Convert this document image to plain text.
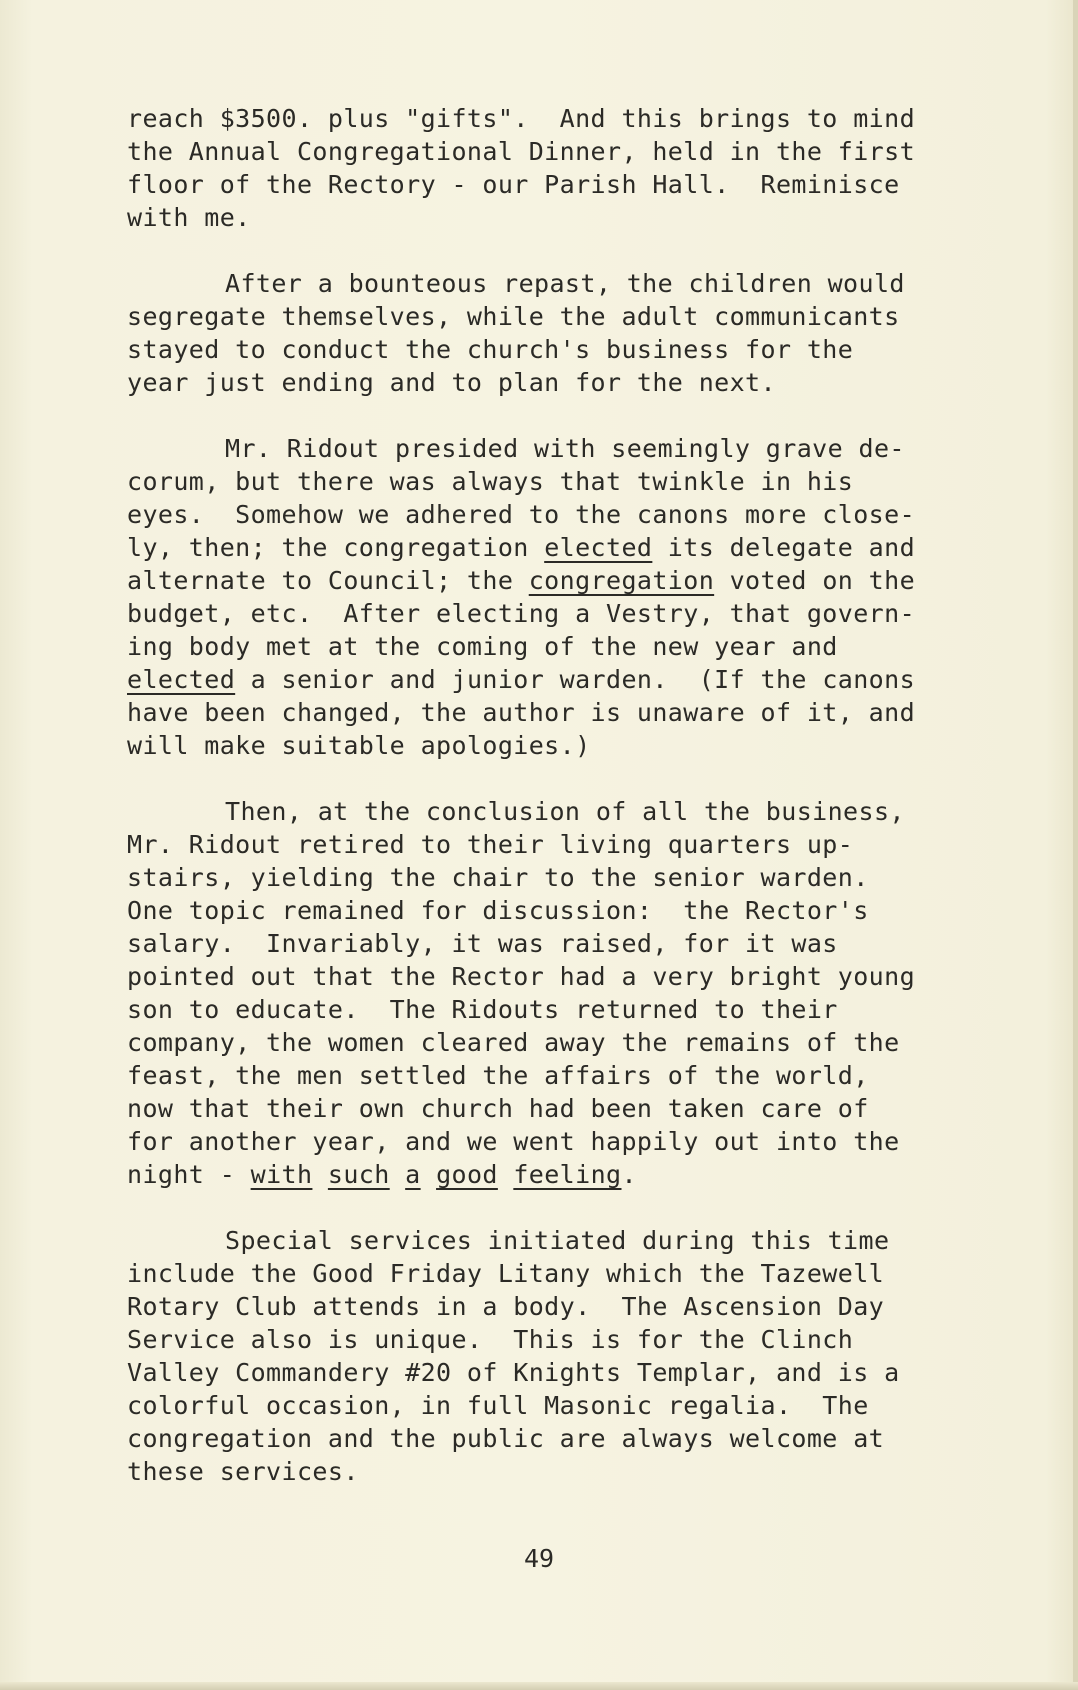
reach $3500. plus "gifts".  And this brings to mind
the Annual Congregational Dinner, held in the first
floor of the Rectory - our Parish Hall.  Reminisce
with me.
After a bounteous repast, the children would
segregate themselves, while the adult communicants
stayed to conduct the church's business for the
year just ending and to plan for the next.
Mr. Ridout presided with seemingly grave de-
corum, but there was always that twinkle in his
eyes.  Somehow we adhered to the canons more close-
ly, then; the congregation elected its delegate and
alternate to Council; the congregation voted on the
budget, etc.  After electing a Vestry, that govern-
ing body met at the coming of the new year and
elected a senior and junior warden.  (If the canons
have been changed, the author is unaware of it, and
will make suitable apologies.)
Then, at the conclusion of all the business,
Mr. Ridout retired to their living quarters up-
stairs, yielding the chair to the senior warden.
One topic remained for discussion:  the Rector's
salary.  Invariably, it was raised, for it was
pointed out that the Rector had a very bright young
son to educate.  The Ridouts returned to their
company, the women cleared away the remains of the
feast, the men settled the affairs of the world,
now that their own church had been taken care of
for another year, and we went happily out into the
night - with such a good feeling.
Special services initiated during this time
include the Good Friday Litany which the Tazewell
Rotary Club attends in a body.  The Ascension Day
Service also is unique.  This is for the Clinch
Valley Commandery #20 of Knights Templar, and is a
colorful occasion, in full Masonic regalia.  The
congregation and the public are always welcome at
these services.
49
